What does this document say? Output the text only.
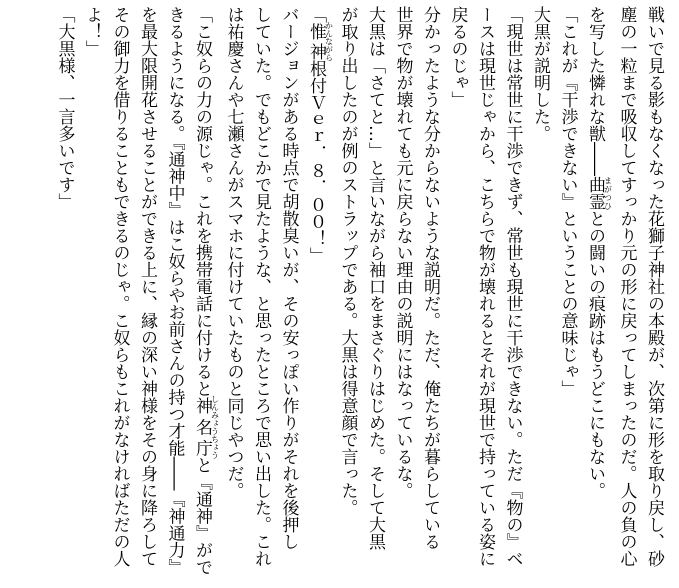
戦いで見る影もなくなった花獅子神社の本殿が、次第に形を取り戻し、砂
塵の一粒まで吸収してすっかり元の形に戻ってしまったのだ。人の負の心
を写した憐れな獣――曲霊まがつひとの闘いの痕跡はもうどこにもない。
「これが『干渉できない』ということの意味じゃ」
大黒が説明した。
「現世は常世に干渉できず、常世も現世に干渉できない。ただ『物の』ベ
ースは現世じゃから、こちらで物が壊れるとそれが現世で持っている姿に
戻るのじゃ」
分かったような分からないような説明だ。ただ、俺たちが暮らしている
世界で物が壊れても元に戻らない理由の説明にはなっているな。
大黒は「さてと…」と言いながら袖口をまさぐりはじめた。そして大黒
が取り出したのが例のストラップである。大黒は得意顔で言った。
「惟神かんながら根付Ｖｅｒ．８．００！」
バージョンがある時点で胡散臭いが、その安っぽい作りがそれを後押し
していた。でもどこかで見たような、と思ったところで思い出した。これ
は祐慶さんや七瀬さんがスマホに付けていたものと同じやつだ。
「こ奴らの力の源じゃ。これを携帯電話に付けると神名庁しんみょうちょうと『通神』がで
きるようになる。『通神中』はこ奴らやお前さんの持つ才能――『神通力』
を最大限開花させることができる上に、縁の深い神様をその身に降ろして
その御力を借りることもできるのじゃ。こ奴らもこれがなければただの人
よ！」
「大黒様、一言多いです」
